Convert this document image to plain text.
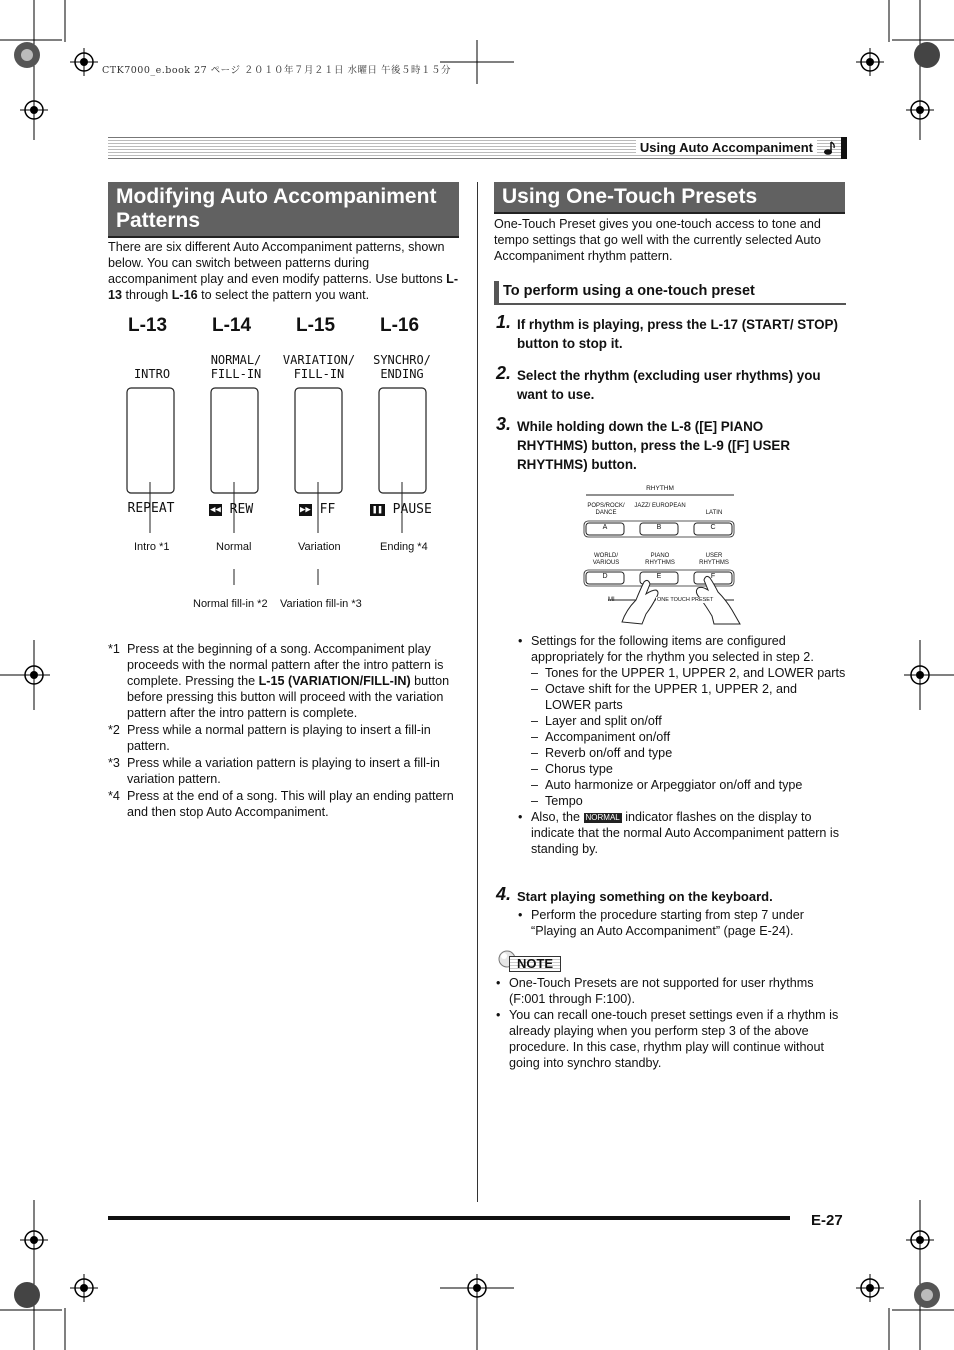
CTK7000_e.book 27 ページ ２０１０年７月２１日 水曜日 午後５時１５分
Using Auto Accompaniment
Modifying Auto Accompaniment Patterns
There are six different Auto Accompaniment patterns, shown below. You can switch between patterns during accompaniment play and even modify patterns. Use buttons L-13 through L-16 to select the pattern you want.
L-13 L-14 L-15 L-16
INTRO
NORMAL/ FILL-IN
VARIATION/ FILL-IN
SYNCHRO/ ENDING
REPEAT	◀◀ REW	▶▶ FF	❚❚ PAUSE
Intro *1	Normal	Variation	Ending *4
Normal fill-in *2 Variation fill-in *3
*1 Press at the beginning of a song. Accompaniment play proceeds with the normal pattern after the intro pattern is complete. Pressing the L-15 (VARIATION/FILL-IN) button before pressing this button will proceed with the variation pattern after the intro pattern is complete.
*2 Press while a normal pattern is playing to insert a fill-in pattern.
*3 Press while a variation pattern is playing to insert a fill-in variation pattern.
*4 Press at the end of a song. This will play an ending pattern and then stop Auto Accompaniment.
Using One-Touch Presets
One-Touch Preset gives you one-touch access to tone and tempo settings that go well with the currently selected Auto Accompaniment rhythm pattern.
To perform using a one-touch preset
1. If rhythm is playing, press the L-17 (START/ STOP) button to stop it.
2. Select the rhythm (excluding user rhythms) you want to use.
3. While holding down the L-8 ([E] PIANO RHYTHMS) button, press the L-9 ([F] USER RHYTHMS) button.
RHYTHM
POPS/ROCK/ DANCE
JAZZ/ EUROPEAN
LATIN
A	B	C
WORLD/ VARIOUS
PIANO RHYTHMS
USER RHYTHMS
D	E	F
MI	ONE TOUCH PRESET
• Settings for the following items are configured appropriately for the rhythm you selected in step 2.
– Tones for the UPPER 1, UPPER 2, and LOWER parts
– Octave shift for the UPPER 1, UPPER 2, and LOWER parts
– Layer and split on/off
– Accompaniment on/off
– Reverb on/off and type
– Chorus type
– Auto harmonize or Arpeggiator on/off and type
– Tempo
• Also, the NORMAL indicator flashes on the display to indicate that the normal Auto Accompaniment pattern is standing by.
4. Start playing something on the keyboard.
• Perform the procedure starting from step 7 under “Playing an Auto Accompaniment” (page E-24).
NOTE
• One-Touch Presets are not supported for user rhythms (F:001 through F:100).
• You can recall one-touch preset settings even if a rhythm is already playing when you perform step 3 of the above procedure. In this case, rhythm play will continue without going into synchro standby.
E-27
